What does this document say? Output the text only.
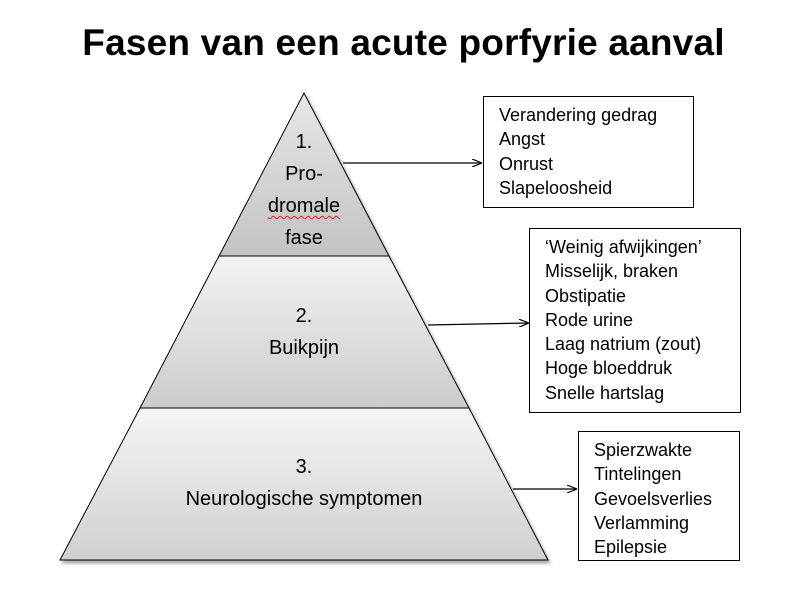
Fasen van een acute porfyrie aanval
1.
Pro-
dromale
fase
2.
Buikpijn
3.
Neurologische symptomen
Verandering gedrag
Angst
Onrust
Slapeloosheid
‘Weinig afwijkingen’
Misselijk, braken
Obstipatie
Rode urine
Laag natrium (zout)
Hoge bloeddruk
Snelle hartslag
Spierzwakte
Tintelingen
Gevoelsverlies
Verlamming
Epilepsie
